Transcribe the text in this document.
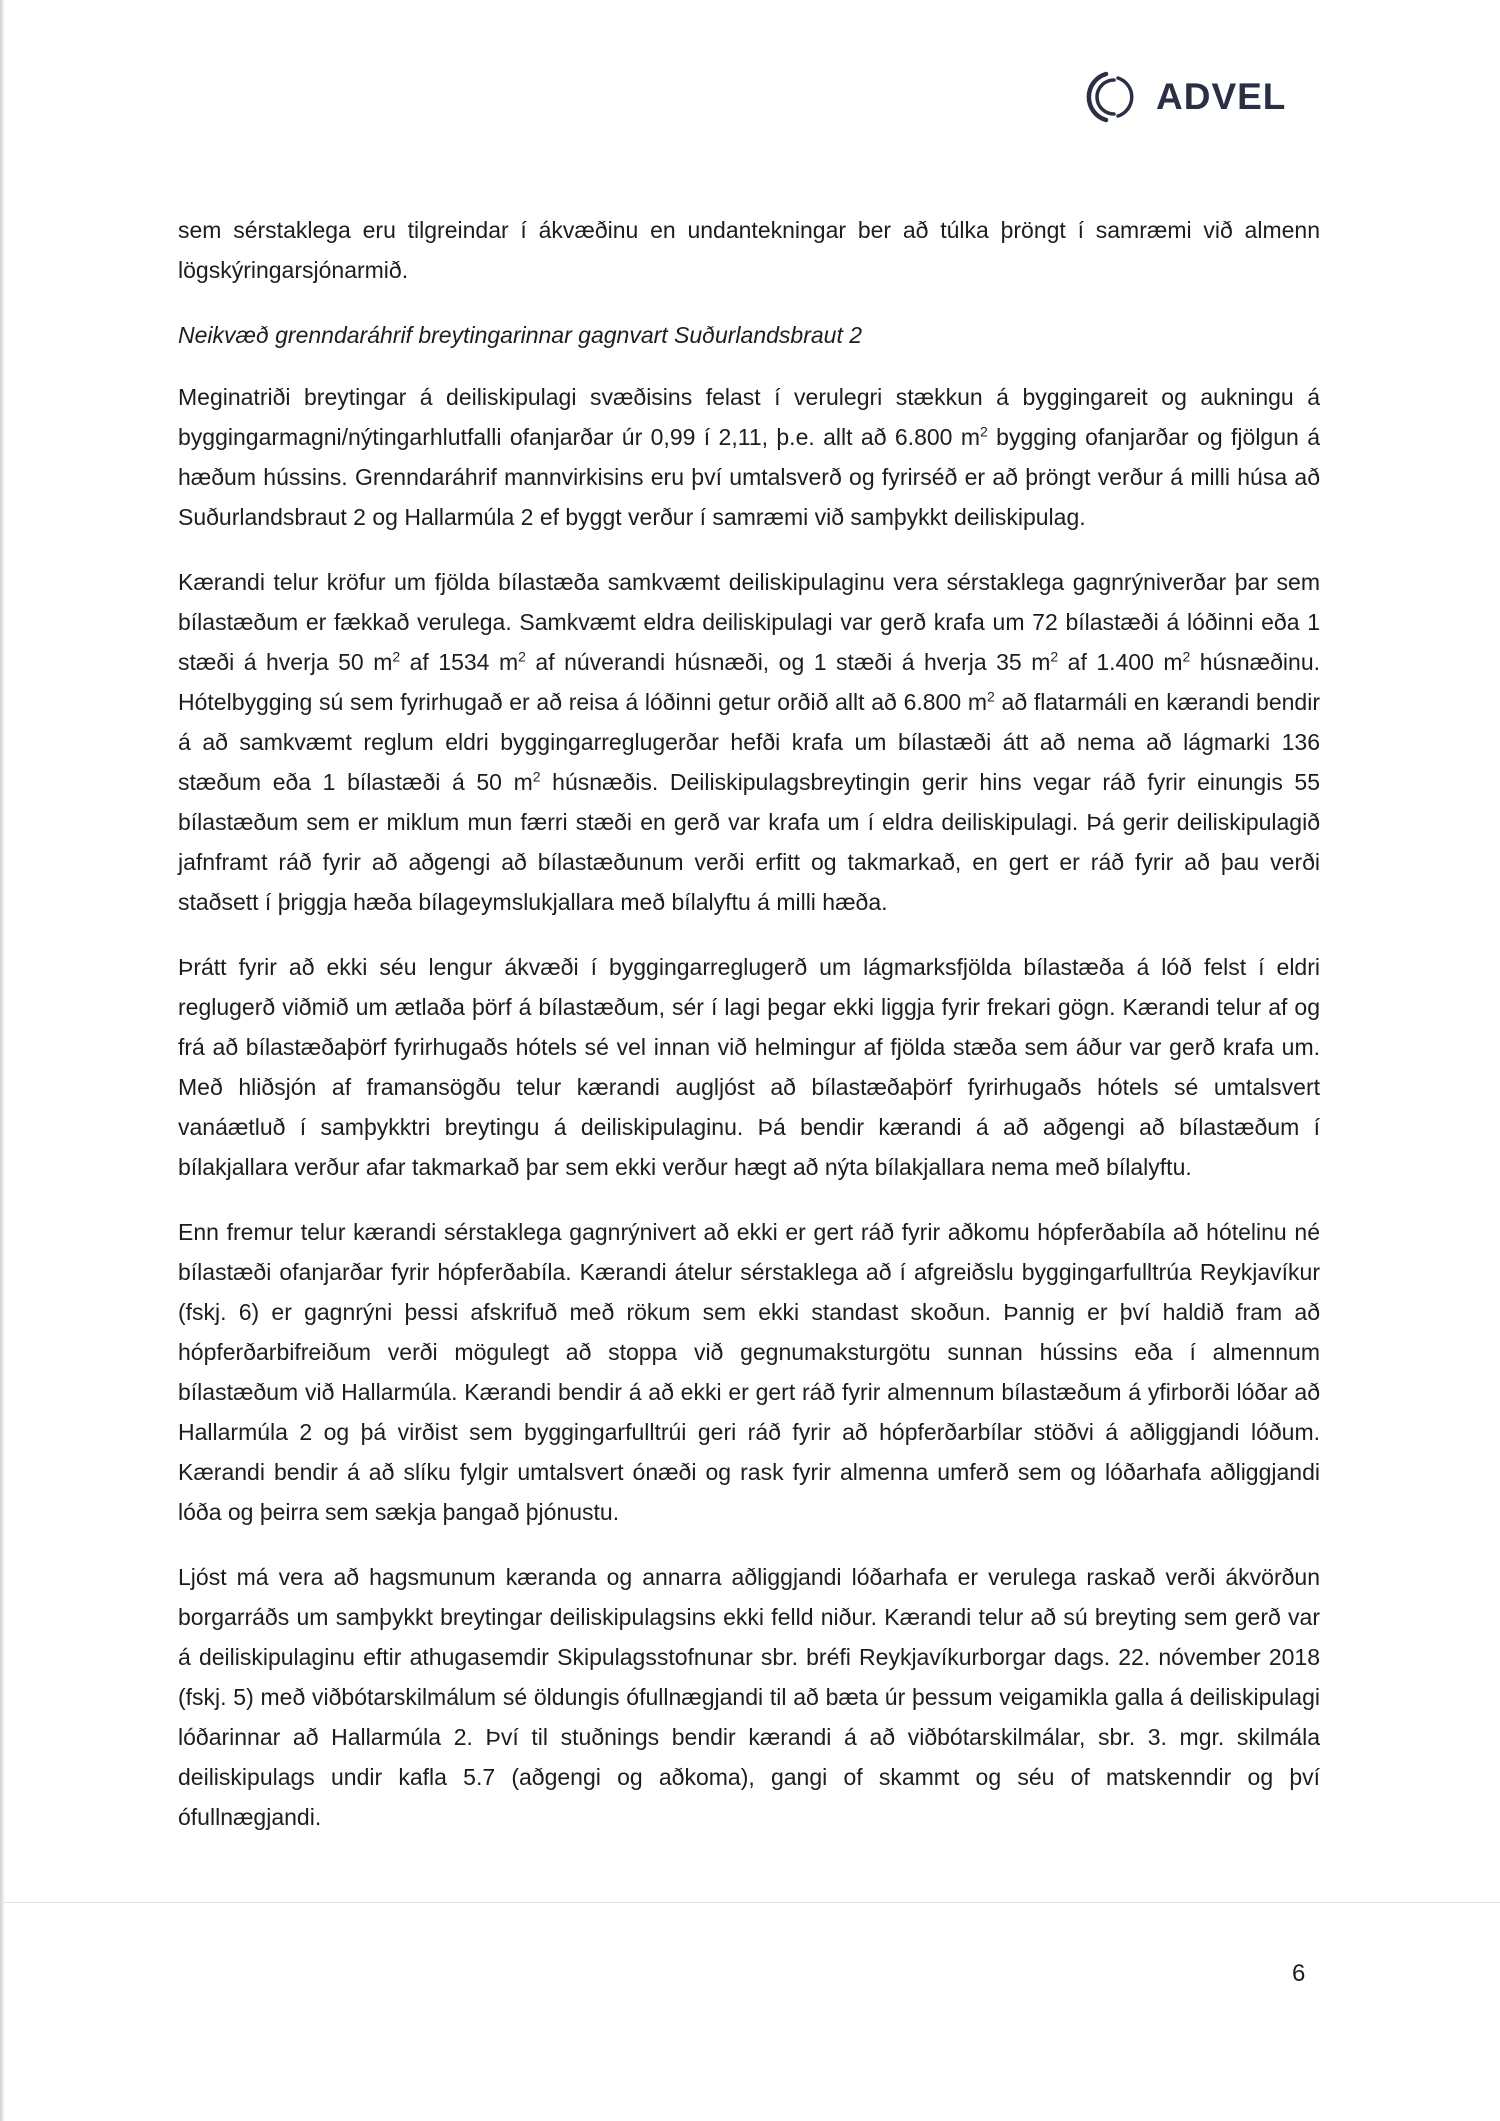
ADVEL

sem sérstaklega eru tilgreindar í ákvæðinu en undantekningar ber að túlka þröngt í samræmi við almenn lögskýringarsjónarmið.

Neikvæð grenndaráhrif breytingarinnar gagnvart Suðurlandsbraut 2

Meginatriði breytingar á deiliskipulagi svæðisins felast í verulegri stækkun á byggingareit og aukningu á byggingarmagni/nýtingarhlutfalli ofanjarðar úr 0,99 í 2,11, þ.e. allt að 6.800 $m^2$ bygging ofanjarðar og fjölgun á hæðum hússins. Grenndaráhrif mannvirkisins eru því umtalsverð og fyrirséð er að þröngt verður á milli húsa að Suðurlandsbraut 2 og Hallarmúla 2 ef byggt verður í samræmi við samþykkt deiliskipulag.

Kærandi telur kröfur um fjölda bílastæða samkvæmt deiliskipulaginu vera sérstaklega gagnrýniverðar þar sem bílastæðum er fækkað verulega. Samkvæmt eldra deiliskipulagi var gerð krafa um 72 bílastæði á lóðinni eða 1 stæði á hverja 50 $m^2$ af 1534 $m^2$ af núverandi húsnæði, og 1 stæði á hverja 35 $m^2$ af 1.400 $m^2$ húsnæðinu. Hótelbygging sú sem fyrirhugað er að reisa á lóðinni getur orðið allt að 6.800 $m^2$ að flatarmáli en kærandi bendir á að samkvæmt reglum eldri byggingarreglugerðar hefði krafa um bílastæði átt að nema að lágmarki 136 stæðum eða 1 bílastæði á 50 $m^2$ húsnæðis. Deiliskipulagsbreytingin gerir hins vegar ráð fyrir einungis 55 bílastæðum sem er miklum mun færri stæði en gerð var krafa um í eldra deiliskipulagi. Þá gerir deiliskipulagið jafnframt ráð fyrir að aðgengi að bílastæðunum verði erfitt og takmarkað, en gert er ráð fyrir að þau verði staðsett í þriggja hæða bílageymslukjallara með bílalyftu á milli hæða.

Þrátt fyrir að ekki séu lengur ákvæði í byggingarreglugerð um lágmarksfjölda bílastæða á lóð felst í eldri reglugerð viðmið um ætlaða þörf á bílastæðum, sér í lagi þegar ekki liggja fyrir frekari gögn. Kærandi telur af og frá að bílastæðaþörf fyrirhugaðs hótels sé vel innan við helmingur af fjölda stæða sem áður var gerð krafa um. Með hliðsjón af framansögðu telur kærandi augljóst að bílastæðaþörf fyrirhugaðs hótels sé umtalsvert vanáætluð í samþykktri breytingu á deiliskipulaginu. Þá bendir kærandi á að aðgengi að bílastæðum í bílakjallara verður afar takmarkað þar sem ekki verður hægt að nýta bílakjallara nema með bílalyftu.

Enn fremur telur kærandi sérstaklega gagnrýnivert að ekki er gert ráð fyrir aðkomu hópferðabíla að hótelinu né bílastæði ofanjarðar fyrir hópferðabíla. Kærandi átelur sérstaklega að í afgreiðslu byggingarfulltrúa Reykjavíkur (fskj. 6) er gagnrýni þessi afskrifuð með rökum sem ekki standast skoðun. Þannig er því haldið fram að hópferðarbifreiðum verði mögulegt að stoppa við gegnumaksturgötu sunnan hússins eða í almennum bílastæðum við Hallarmúla. Kærandi bendir á að ekki er gert ráð fyrir almennum bílastæðum á yfirborði lóðar að Hallarmúla 2 og þá virðist sem byggingarfulltrúi geri ráð fyrir að hópferðarbílar stöðvi á aðliggjandi lóðum. Kærandi bendir á að slíku fylgir umtalsvert ónæði og rask fyrir almenna umferð sem og lóðarhafa aðliggjandi lóða og þeirra sem sækja þangað þjónustu.

Ljóst má vera að hagsmunum kæranda og annarra aðliggjandi lóðarhafa er verulega raskað verði ákvörðun borgarráðs um samþykkt breytingar deiliskipulagsins ekki felld niður. Kærandi telur að sú breyting sem gerð var á deiliskipulaginu eftir athugasemdir Skipulagsstofnunar sbr. bréfi Reykjavíkurborgar dags. 22. nóvember 2018 (fskj. 5) með viðbótarskilmálum sé öldungis ófullnægjandi til að bæta úr þessum veigamikla galla á deiliskipulagi lóðarinnar að Hallarmúla 2. Því til stuðnings bendir kærandi á að viðbótarskilmálar, sbr. 3. mgr. skilmála deiliskipulags undir kafla 5.7 (aðgengi og aðkoma), gangi of skammt og séu of matskenndir og því ófullnægjandi.

6
